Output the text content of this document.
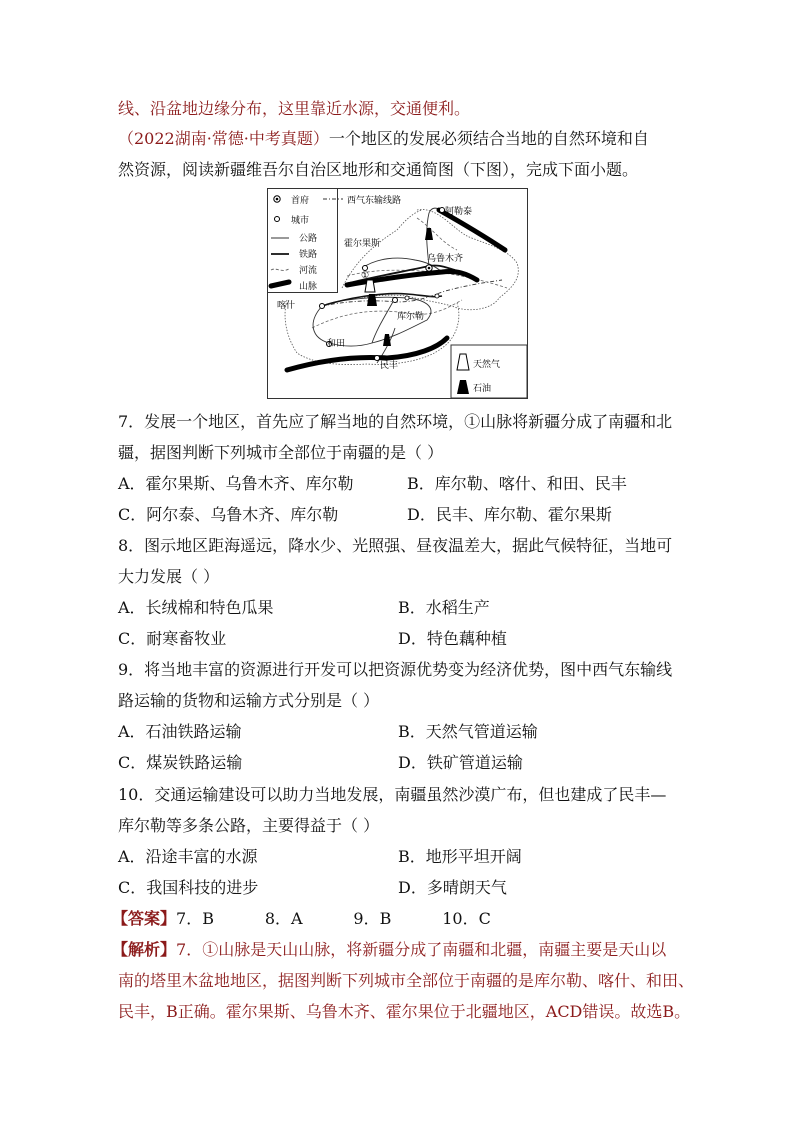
线、沿盆地边缘分布，这里靠近水源，交通便利。
（2022湖南·常德·中考真题）一个地区的发展必须结合当地的自然环境和自
然资源，阅读新疆维吾尔自治区地形和交通简图（下图），完成下面小题。
阿勒泰
霍尔果斯
乌鲁木齐
喀什
库尔勒
和田
民丰
①
首府	西气东输线路
城市
公路
铁路
河流
山脉
天然气
石油
7．发展一个地区，首先应了解当地的自然环境，①山脉将新疆分成了南疆和北
疆，据图判断下列城市全部位于南疆的是（ ）
A．霍尔果斯、乌鲁木齐、库尔勒	B．库尔勒、喀什、和田、民丰
C．阿尔泰、乌鲁木齐、库尔勒	D．民丰、库尔勒、霍尔果斯
8．图示地区距海遥远，降水少、光照强、昼夜温差大，据此气候特征，当地可
大力发展（ ）
A．长绒棉和特色瓜果	B．水稻生产
C．耐寒畜牧业	D．特色藕种植
9．将当地丰富的资源进行开发可以把资源优势变为经济优势，图中西气东输线
路运输的货物和运输方式分别是（ ）
A．石油铁路运输	B．天然气管道运输
C．煤炭铁路运输	D．铁矿管道运输
10．交通运输建设可以助力当地发展，南疆虽然沙漠广布，但也建成了民丰—
库尔勒等多条公路，主要得益于（ ）
A．沿途丰富的水源	B．地形平坦开阔
C．我国科技的进步	D．多晴朗天气
【答案】7．B          8．A          9．B          10．C
【解析】7．①山脉是天山山脉，将新疆分成了南疆和北疆，南疆主要是天山以
南的塔里木盆地地区，据图判断下列城市全部位于南疆的是库尔勒、喀什、和田、
民丰，B正确。霍尔果斯、乌鲁木齐、霍尔果位于北疆地区，ACD错误。故选B。
